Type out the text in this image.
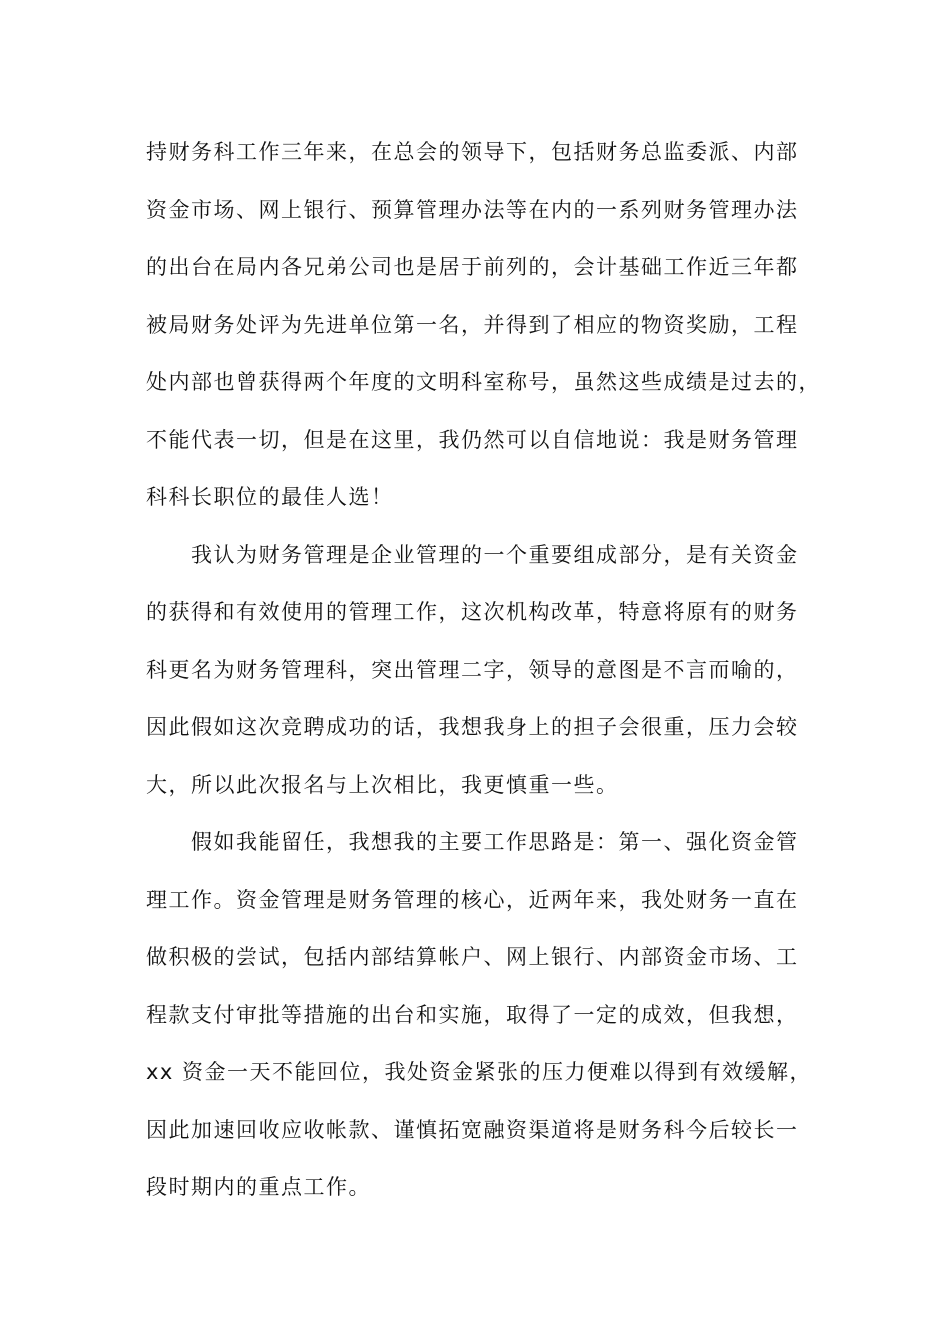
持财务科工作三年来，在总会的领导下，包括财务总监委派、内部
资金市场、网上银行、预算管理办法等在内的一系列财务管理办法
的出台在局内各兄弟公司也是居于前列的，会计基础工作近三年都
被局财务处评为先进单位第一名，并得到了相应的物资奖励，工程
处内部也曾获得两个年度的文明科室称号，虽然这些成绩是过去的，
不能代表一切，但是在这里，我仍然可以自信地说：我是财务管理
科科长职位的最佳人选！
　　我认为财务管理是企业管理的一个重要组成部分，是有关资金
的获得和有效使用的管理工作，这次机构改革，特意将原有的财务
科更名为财务管理科，突出管理二字，领导的意图是不言而喻的，
因此假如这次竞聘成功的话，我想我身上的担子会很重，压力会较
大，所以此次报名与上次相比，我更慎重一些。
　　假如我能留任，我想我的主要工作思路是：第一、强化资金管
理工作。资金管理是财务管理的核心，近两年来，我处财务一直在
做积极的尝试，包括内部结算帐户、网上银行、内部资金市场、工
程款支付审批等措施的出台和实施，取得了一定的成效，但我想，
xx 资金一天不能回位，我处资金紧张的压力便难以得到有效缓解，
因此加速回收应收帐款、谨慎拓宽融资渠道将是财务科今后较长一
段时期内的重点工作。
